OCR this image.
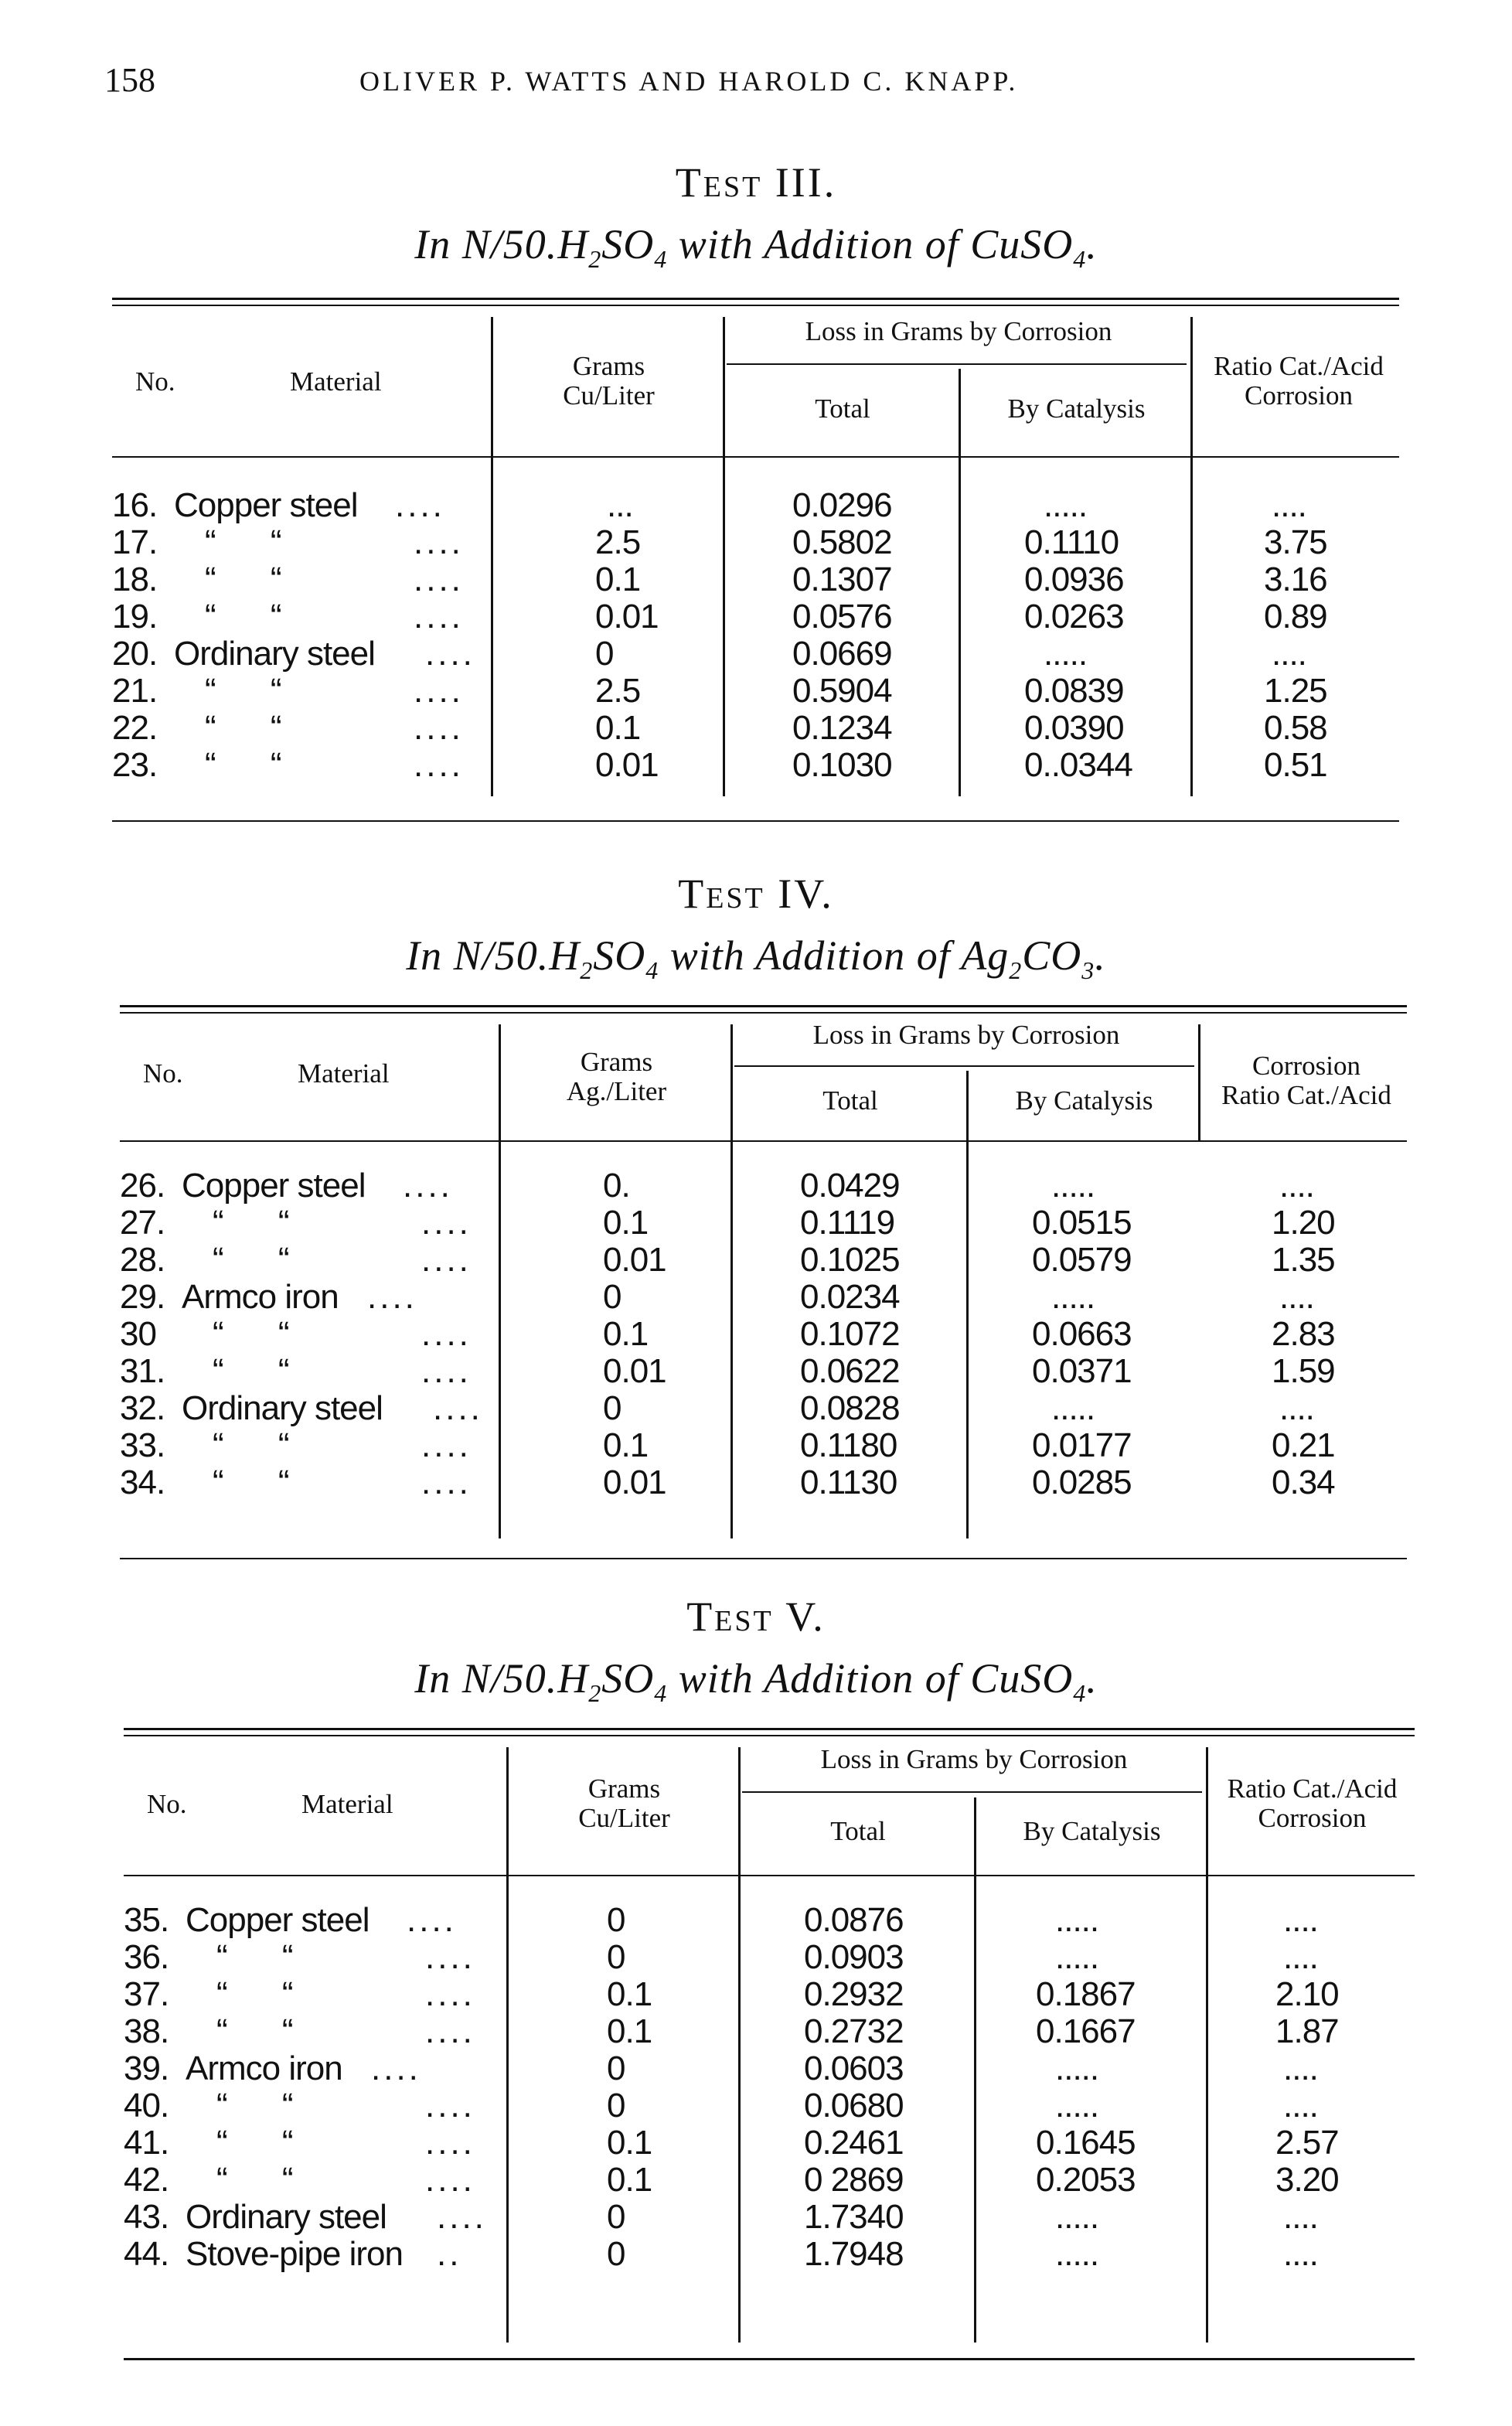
158	OLIVER P. WATTS AND HAROLD C. KNAPP.
Test III.
In $N/50.H_2SO_4$ with Addition of CuSO$_4$.
No.	Material
Grams
Cu/Liter
Loss in Grams by Corrosion
Total	By Catalysis
Ratio Cat./Acid
Corrosion
16. Copper steel ....	...	0.0296	.....	....
17. “ “	....	2.5	0.5802	0.1110	3.75
18. “ “	....	0.1	0.1307	0.0936	3.16
19. “ “	....	0.01	0.0576	0.0263	0.89
20. Ordinary steel ....	0	0.0669	.....	....
21. “ “	....	2.5	0.5904	0.0839	1.25
22. “ “	....	0.1	0.1234	0.0390	0.58
23. “ “	....	0.01	0.1030	0..0344	0.51
Test IV.
In $N/50.H_2SO_4$ with Addition of $Ag_2CO_3$.
No.	Material	Grams
Ag./Liter
Loss in Grams by Corrosion
Total	By Catalysis
Corrosion
Ratio Cat./Acid
26. Copper steel ....	0.	0.0429	.....	....
27. “ “	....	0.1	0.1119	0.0515	1.20
28. “ “	....	0.01	0.1025	0.0579	1.35
29. Armco iron ....	0	0.0234	.....	....
30 “ “	....	0.1	0.1072	0.0663	2.83
31. “ “	....	0.01	0.0622	0.0371	1.59
32. Ordinary steel ....	0	0.0828	.....	....
33. “ “	....	0.1	0.1180	0.0177	0.21
34. “ “	....	0.01	0.1130	0.0285	0.34
Test V.
In $N/50.H_2SO_4$ with Addition of CuSO$_4$.
No.	Material
Grams
Cu/Liter
Loss in Grams by Corrosion
Total	By Catalysis
Ratio Cat./Acid
Corrosion
35. Copper steel ....	0	0.0876	.....	....
36. “ “	....	0	0.0903	.....	....
37. “ “	....	0.1	0.2932	0.1867	2.10
38. “ “	....	0.1	0.2732	0.1667	1.87
39. Armco iron ....	0	0.0603	.....	....
40. “ “	....	0	0.0680	.....	....
41. “ “	....	0.1	0.2461	0.1645	2.57
42. “ “	....	0.1	0 2869	0.2053	3.20
43. Ordinary steel ....	0	1.7340	.....	....
44. Stove-pipe iron ..	0	1.7948	.....	....
